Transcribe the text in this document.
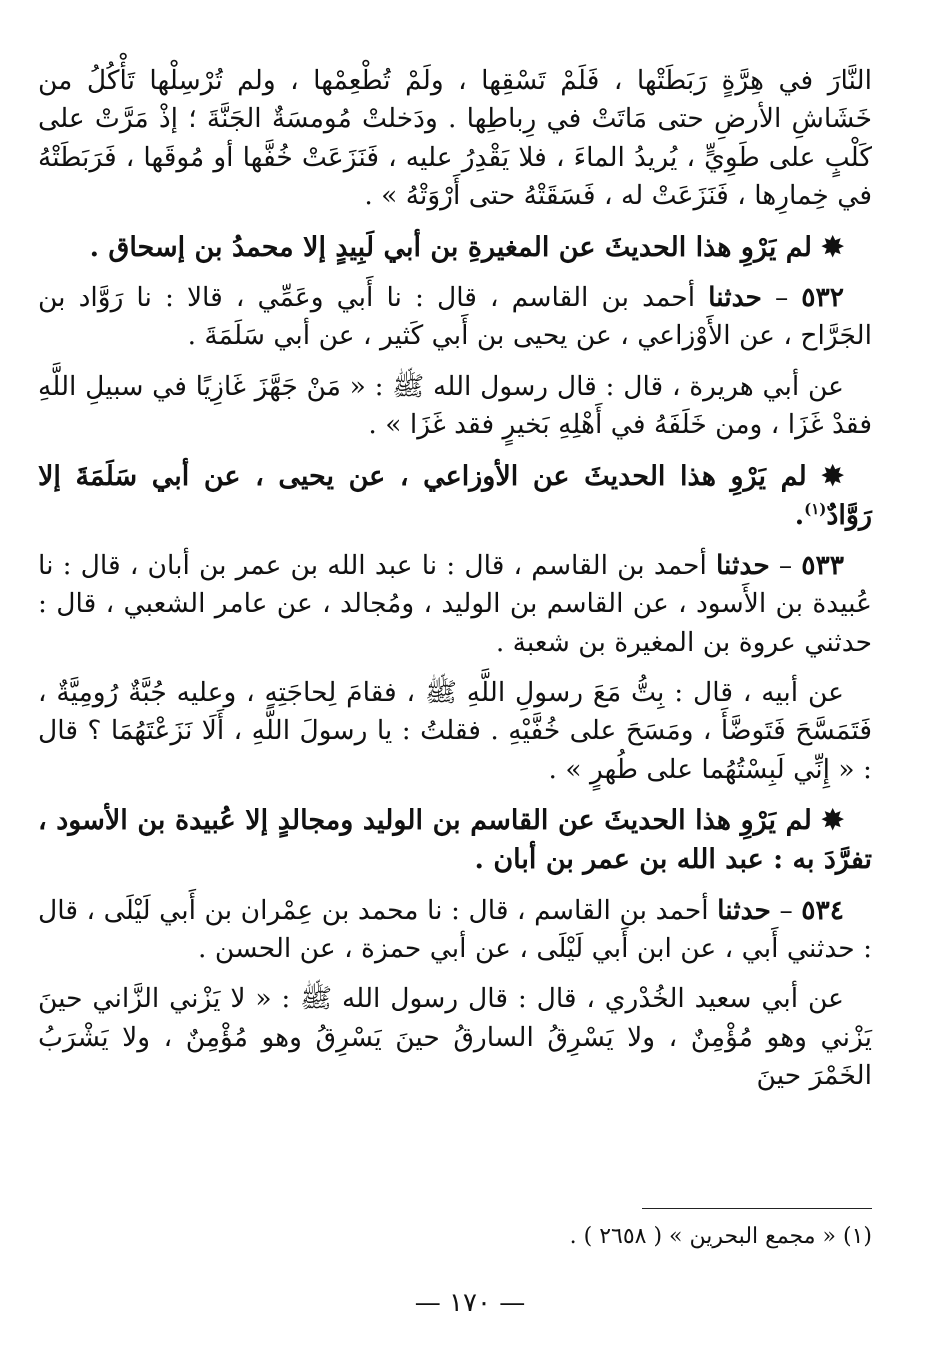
النَّارَ في هِرَّةٍ رَبَطَتْها ، فَلَمْ تَسْقِها ، ولَمْ تُطْعِمْها ، ولم تُرْسِلْها تَأْكُلُ من خَشَاشِ الأرضِ حتى مَاتَتْ في رِباطِها . ودَخلتْ مُومسَةٌ الجَنَّةَ ؛ إذْ مَرَّتْ على كَلْبٍ على طَوِيٍّ ، يُريدُ الماءَ ، فلا يَقْدِرُ عليه ، فَنَزَعَتْ خُفَّها أو مُوقَها ، فَرَبَطَتْهُ في خِمارِها ، فَنَزَعَتْ له ، فَسَقَتْهُ حتى أَرْوَتْهُ » .

✸ لم يَرْوِ هذا الحديثَ عن المغيرةِ بن أبي لَبِيدٍ إلا محمدُ بن إسحاق .

٥٣٢ – حدثنا أحمد بن القاسم ، قال : نا أَبي وعَمِّي ، قالا : نا رَوَّاد بن الجَرَّاح ، عن الأَوْزاعي ، عن يحيى بن أَبي كَثير ، عن أبي سَلَمَةَ .

عن أبي هريرة ، قال : قال رسول الله ﷺ : « مَنْ جَهَّزَ غَازِيًا في سبيلِ اللَّهِ فقدْ غَزَا ، ومن خَلَفَهُ في أَهْلِهِ بَخيرٍ فقد غَزَا » .

✸ لم يَرْوِ هذا الحديثَ عن الأوزاعي ، عن يحيى ، عن أبي سَلَمَةَ إلا رَوَّادٌ$^{(١)}$.

٥٣٣ – حدثنا أحمد بن القاسم ، قال : نا عبد الله بن عمر بن أبان ، قال : نا عُبيدة بن الأَسود ، عن القاسم بن الوليد ، ومُجالد ، عن عامر الشعبي ، قال : حدثني عروة بن المغيرة بن شعبة .

عن أبيه ، قال : بِتُّ مَعَ رسولِ اللَّهِ ﷺ ، فقامَ لِحاجَتِهِ ، وعليه جُبَّةٌ رُومِيَّةٌ ، فَتَمَسَّحَ فَتَوضَّأَ ، ومَسَحَ على خُفَّيْهِ . فقلتُ : يا رسولَ اللَّهِ ، أَلَا نَزَعْتَهُمَا ؟ قال : « إِنِّي لَبِسْتُهُما على طُهرٍ » .

✸ لم يَرْوِ هذا الحديثَ عن القاسم بن الوليد ومجالدٍ إلا عُبيدة بن الأسود ، تفرَّدَ به : عبد الله بن عمر بن أبان .

٥٣٤ – حدثنا أحمد بن القاسم ، قال : نا محمد بن عِمْران بن أَبي لَيْلَى ، قال : حدثني أَبي ، عن ابن أَبي لَيْلَى ، عن أبي حمزة ، عن الحسن .

عن أبي سعيد الخُدْري ، قال : قال رسول الله ﷺ : « لا يَزْني الزَّاني حينَ يَزْني وهو مُؤْمِنٌ ، ولا يَسْرِقُ السارقُ حينَ يَسْرِقُ وهو مُؤْمِنٌ ، ولا يَشْرَبُ الخَمْرَ حينَ

(١) « مجمع البحرين » ( ٢٦٥٨ ) .
— ١٧٠ —
